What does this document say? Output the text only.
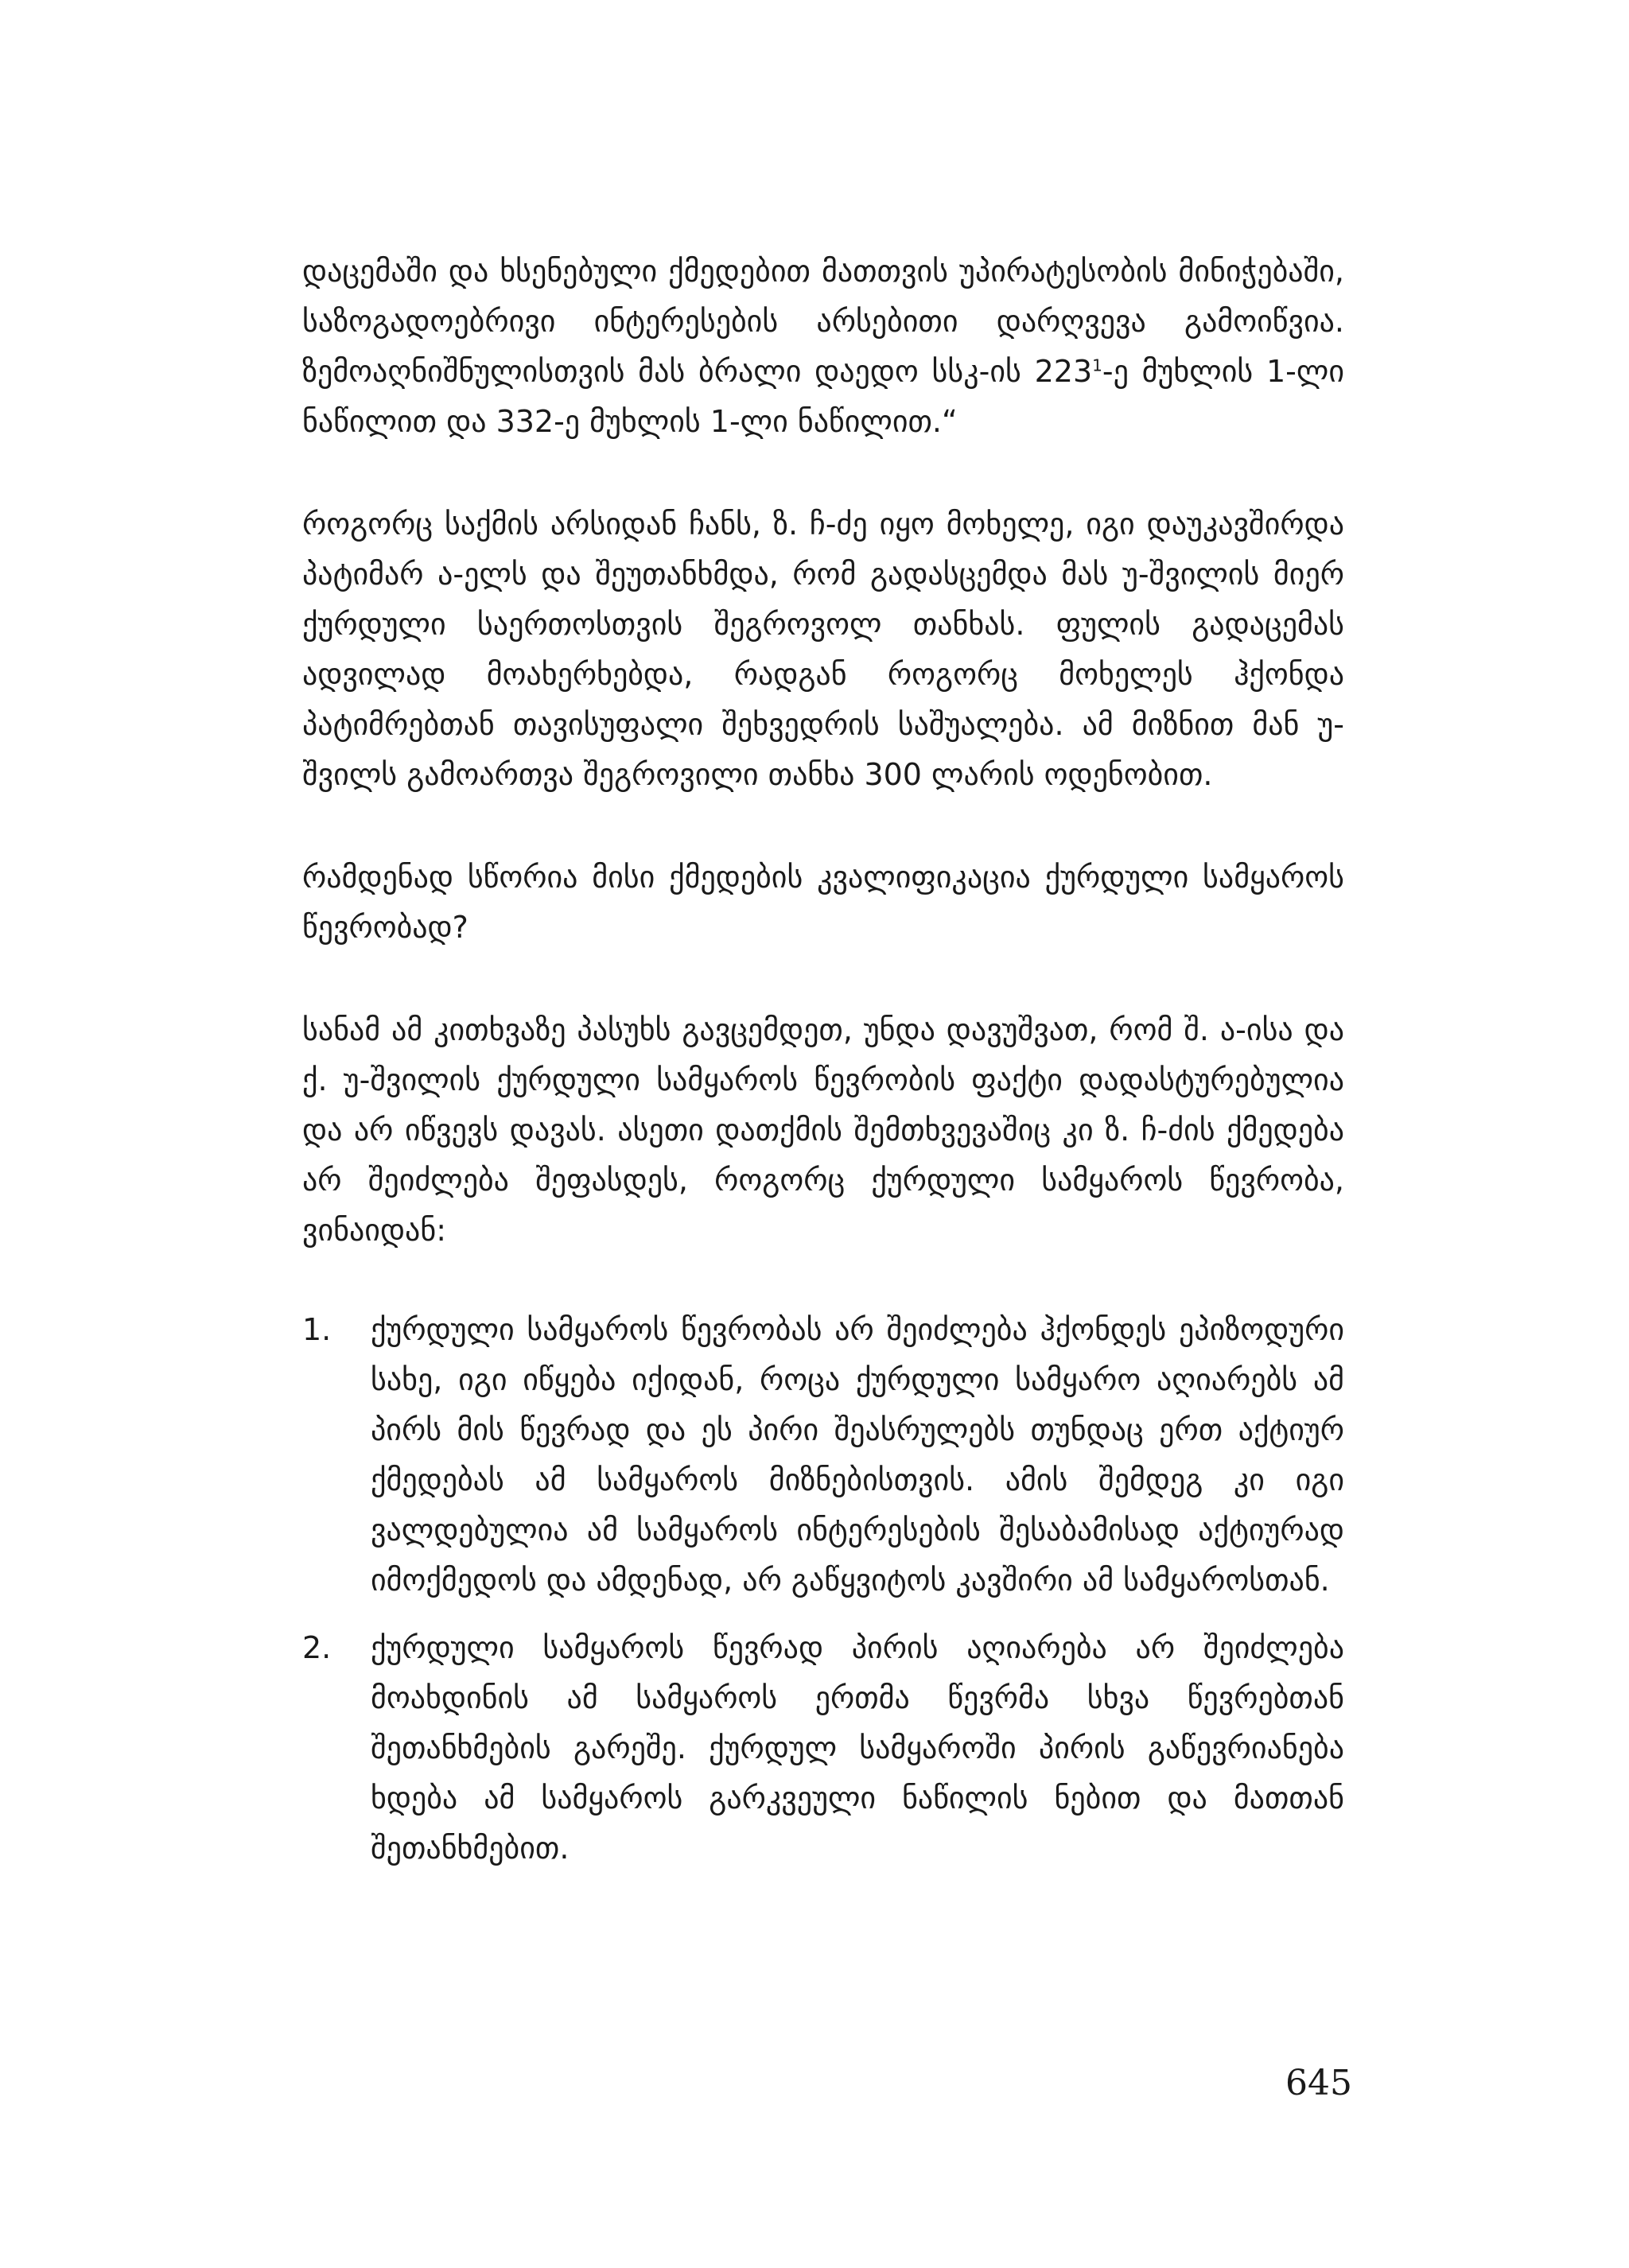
დაცემაში და ხსენებული ქმედებით მათთვის უპირატესობის მინიჭებაში, საზოგადოებრივი ინტერესების არსებითი დარღვევა გამოიწვია. ზემოაღნიშნულისთვის მას ბრალი დაედო სსკ-ის $223^1-ე$ მუხლის 1-ლი ნაწილით და 332-ე მუხლის 1-ლი ნაწილით.“

როგორც საქმის არსიდან ჩანს, ზ. ჩ-ძე იყო მოხელე, იგი დაუკავშირდა პატიმარ ა-ელს და შეუთანხმდა, რომ გადასცემდა მას უ-შვილის მიერ ქურდული საერთოსთვის შეგროვოლ თანხას. ფულის გადაცემას ადვილად მოახერხებდა, რადგან როგორც მოხელეს ჰქონდა პატიმრებთან თავისუფალი შეხვედრის საშუალება. ამ მიზნით მან უ-შვილს გამოართვა შეგროვილი თანხა 300 ლარის ოდენობით.

რამდენად სწორია მისი ქმედების კვალიფიკაცია ქურდული სამყაროს წევრობად?

სანამ ამ კითხვაზე პასუხს გავცემდეთ, უნდა დავუშვათ, რომ შ. ა-ისა და ქ. უ-შვილის ქურდული სამყაროს წევრობის ფაქტი დადასტურებულია და არ იწვევს დავას. ასეთი დათქმის შემთხვევაშიც კი ზ. ჩ-ძის ქმედება არ შეიძლება შეფასდეს, როგორც ქურდული სამყაროს წევრობა, ვინაიდან:

1. ქურდული სამყაროს წევრობას არ შეიძლება ჰქონდეს ეპიზოდური სახე, იგი იწყება იქიდან, როცა ქურდული სამყარო აღიარებს ამ პირს მის წევრად და ეს პირი შეასრულებს თუნდაც ერთ აქტიურ ქმედებას ამ სამყაროს მიზნებისთვის. ამის შემდეგ კი იგი ვალდებულია ამ სამყაროს ინტერესების შესაბამისად აქტიურად იმოქმედოს და ამდენად, არ გაწყვიტოს კავშირი ამ სამყაროსთან.
2. ქურდული სამყაროს წევრად პირის აღიარება არ შეიძლება მოახდინის ამ სამყაროს ერთმა წევრმა სხვა წევრებთან შეთანხმების გარეშე. ქურდულ სამყაროში პირის გაწევრიანება ხდება ამ სამყაროს გარკვეული ნაწილის ნებით და მათთან შეთანხმებით.
645
